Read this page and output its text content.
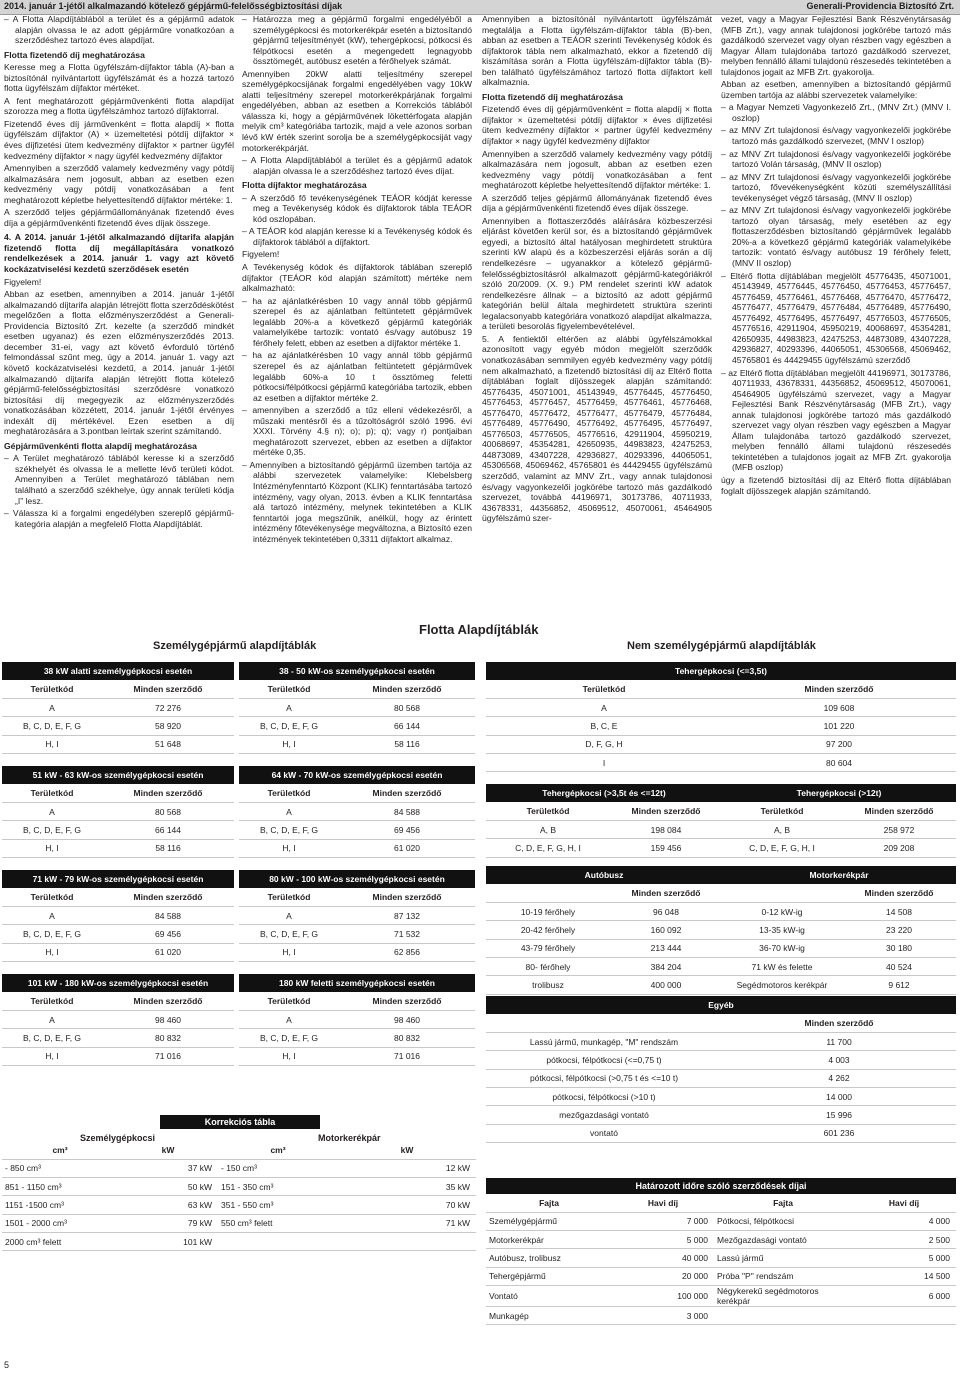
2014. január 1-jétől alkalmazandó kötelező gépjármű-felelősségbiztosítási díjak	Generali-Providencia Biztosító Zrt.

– A Flotta Alapdíjtáblából a terület és a gépjármű adatok alapján olvassa le az adott gépjárműre vonatkozóan a szerződéshez tartozó éves alapdíjat.

Flotta fizetendő díj meghatározása

Keresse meg a Flotta ügyfélszám-díjfaktor tábla (A)-ban a biztosítónál nyilvántartott ügyfélszámát és a hozzá tartozó flotta ügyfélszám díjfaktor mértéket.

A fent meghatározott gépjárművenkénti flotta alapdíjat szorozza meg a flotta ügyfélszámhoz tartozó díjfaktorral.

Fizetendő éves díj járművenként = flotta alapdíj × flotta ügyfélszám díjfaktor (A) × üzemeltetési pótdíj díjfaktor × éves díjfizetési ütem kedvezmény díjfaktor × partner ügyfél kedvezmény díjfaktor × nagy ügyfél kedvezmény díjfaktor

Amennyiben a szerződő valamely kedvezmény vagy pótdíj alkalmazására nem jogosult, abban az esetben ezen kedvezmény vagy pótdíj vonatkozásában a fent meghatározott képletbe helyettesítendő díjfaktor mértéke: 1.

A szerződő teljes gépjárműállományának fizetendő éves díja a gépjárművenkénti fizetendő éves díjak összege.

4. A 2014. január 1-jétől alkalmazandó díjtarifa alapján fizetendő flotta díj megállapítására vonatkozó rendelkezések a 2014. január 1. vagy azt követő kockázatviselési kezdetű szerződések esetén

Figyelem!

Abban az esetben, amennyiben a 2014. január 1-jétől alkalmazandó díjtarifa alapján létrejött flotta szerződéskötést megelőzően a flotta előzményszerződést a Generali-Providencia Biztosító Zrt. kezelte (a szerződő mindkét esetben ugyanaz) és ezen előzményszerződés 2013. december 31-ei, vagy azt követő évforduló történő felmondással szűnt meg, úgy a 2014. január 1. vagy azt követő kockázatviselési kezdetű, a 2014. január 1-jétől alkalmazandó díjtarifa alapján létrejött flotta kötelező gépjármű-felelősségbiztosítási szerződésre vonatkozó biztosítási díj megegyezik az előzményszerződés vonatkozásában közzétett, 2014. január 1-jétől érvényes indexált díj mértékével. Ezen esetben a díj meghatározására a 3.pontban leírtak szerint számítandó.

Gépjárművenkénti flotta alapdíj meghatározása

– A Terület meghatározó táblából keresse ki a szerződő székhelyét és olvassa le a mellette lévő területi kódot. Amennyiben a Terület meghatározó táblában nem található a szerződő székhelye, úgy annak területi kódja „I” lesz.

– Válassza ki a forgalmi engedélyben szereplő gépjármű-kategória alapján a megfelelő Flotta Alapdíjtáblát.

– Határozza meg a gépjármű forgalmi engedélyéből a személygépkocsi és motorkerékpár esetén a biztosítandó gépjármű teljesítményét (kW), tehergépkocsi, pótkocsi és félpótkocsi esetén a megengedett legnagyobb össztömegét, autóbusz esetén a férőhelyek számát.

Amennyiben 20kW alatti teljesítmény szerepel személygépkocsijának forgalmi engedélyében vagy 10kW alatti teljesítmény szerepel motorkerékpárjának forgalmi engedélyében, abban az esetben a Korrekciós táblából válassza ki, hogy a gépjárművének lökettérfogata alapján melyik cm³ kategóriába tartozik, majd a vele azonos sorban lévő kW érték szerint sorolja be a személygépkocsiját vagy motorkerékpárját.

– A Flotta Alapdíjtáblából a terület és a gépjármű adatok alapján olvassa le a szerződéshez tartozó éves díjat.

Flotta díjfaktor meghatározása

– A szerződő fő tevékenységének TEÁOR kódját keresse meg a Tevékenység kódok és díjfaktorok tábla TEÁOR kód oszlopában.

– A TEÁOR kód alapján keresse ki a Tevékenység kódok és díjfaktorok táblából a díjfaktort.

Figyelem!

A Tevékenység kódok és díjfaktorok táblában szereplő díjfaktor (TEÁOR kód alapján számított) mértéke nem alkalmazható:

– ha az ajánlatkérésben 10 vagy annál több gépjármű szerepel és az ajánlatban feltüntetett gépjárművek legalább 20%-a a következő gépjármű kategóriák valamelyikébe tartozik: vontató és/vagy autóbusz 19 férőhely felett, ebben az esetben a díjfaktor mértéke 1.

– ha az ajánlatkérésben 10 vagy annál több gépjármű szerepel és az ajánlatban feltüntetett gépjárművek legalább 60%-a 10 t össztömeg feletti pótkocsi/félpótkocsi gépjármű kategóriába tartozik, ebben az esetben a díjfaktor mértéke 2.

– amennyiben a szerződő a tűz elleni védekezésről, a műszaki mentésről és a tűzoltóságról szóló 1996. évi XXXI. Törvény 4.§ n); o); p); q); vagy r) pontjaiban meghatározott szervezet, ebben az esetben a díjfaktor mértéke 0,35.

– Amennyiben a biztosítandó gépjármű üzemben tartója az alábbi szervezetek valamelyike: Klebelsberg Intézményfenntartó Központ (KLIK) fenntartásába tartozó intézmény, vagy olyan, 2013. évben a KLIK fenntartása alá tartozó intézmény, melynek tekintetében a KLIK fenntartói joga megszűnik, anélkül, hogy az érintett intézmény főtevékenysége megváltozna, a Biztosító ezen intézmények tekintetében 0,3311 díjfaktort alkalmaz.

Amennyiben a biztosítónál nyilvántartott ügyfélszámát megtalálja a Flotta ügyfélszám-díjfaktor tábla (B)-ben, abban az esetben a TEÁOR szerinti Tevékenység kódok és díjfaktorok tábla nem alkalmazható, ekkor a fizetendő díj kiszámítása során a Flotta ügyfélszám-díjfaktor tábla (B)-ben található ügyfélszámához tartozó flotta díjfaktort kell alkalmaznia.

Flotta fizetendő díj meghatározása

Fizetendő éves díj gépjárművenként = flotta alapdíj × flotta díjfaktor × üzemeltetési pótdíj díjfaktor × éves díjfizetési ütem kedvezmény díjfaktor × partner ügyfél kedvezmény díjfaktor × nagy ügyfél kedvezmény díjfaktor

Amennyiben a szerződő valamely kedvezmény vagy pótdíj alkalmazására nem jogosult, abban az esetben ezen kedvezmény vagy pótdíj vonatkozásában a fent meghatározott képletbe helyettesítendő díjfaktor mértéke: 1.

A szerződő teljes gépjármű állományának fizetendő éves díja a gépjárművenkénti fizetendő éves díjak összege.

Amennyiben a flottaszerződés aláírására közbeszerzési eljárást követően kerül sor, és a biztosítandó gépjárművek egyedi, a biztosító által hatályosan meghirdetett struktúra szerinti kW alapú és a közbeszerzési eljárás során a díj rendelkezésre – ugyanakkor a kötelező gépjármű-felelősségbiztosításról alkalmazott gépjármű-kategóriákról szóló 20/2009. (X. 9.) PM rendelet szerinti kW adatok rendelkezésre állnak – a biztosító az adott gépjármű kategórián belül általa meghirdetett struktúra szerinti legalacsonyabb kategóriára vonatkozó alapdíjat alkalmazza, a területi besorolás figyelembevételével.

5. A fentiektől eltérően az alábbi ügyfélszámokkal azonosított vagy egyéb módon megjelölt szerződők vonatkozásában semmilyen egyéb kedvezmény vagy pótdíj nem alkalmazható, a fizetendő biztosítási díj az Eltérő flotta díjtáblában foglalt díjösszegek alapján számítandó: 45776435, 45071001, 45143949, 45776445, 45776450, 45776453, 45776457, 45776459, 45776461, 45776468, 45776470, 45776472, 45776477, 45776479, 45776484, 45776489, 45776490, 45776492, 45776495, 45776497, 45776503, 45776505, 45776516, 42911904, 45950219, 40068697, 45354281, 42650935, 44983823, 42475253, 44873089, 43407228, 42936827, 40293396, 44065051, 45306568, 45069462, 45765801 és 44429455 ügyfélszámú szerződő, valamint az MNV Zrt., vagy annak tulajdonosi és/vagy vagyonkezelői jogkörébe tartozó más gazdálkodó szervezet, továbbá 44196971, 30173786, 40711933, 43678331, 44356852, 45069512, 45070061, 45464905 ügyfélszámú szer-

vezet, vagy a Magyar Fejlesztési Bank Részvénytársaság (MFB Zrt.), vagy annak tulajdonosi jogkörébe tartozó más gazdálkodó szervezet vagy olyan részben vagy egészben a Magyar Állam tulajdonába tartozó gazdálkodó szervezet, melyben fennálló állami tulajdonú részesedés tekintetében a tulajdonos jogait az MFB Zrt. gyakorolja.

Abban az esetben, amennyiben a biztosítandó gépjármű üzemben tartója az alábbi szervezetek valamelyike:

– a Magyar Nemzeti Vagyonkezelő Zrt., (MNV Zrt.) (MNV I. oszlop)

– az MNV Zrt tulajdonosi és/vagy vagyonkezelői jogkörébe tartozó más gazdálkodó szervezet, (MNV I oszlop)

– az MNV Zrt tulajdonosi és/vagy vagyonkezelői jogkörébe tartozó Volán társaság, (MNV II oszlop)

– az MNV Zrt tulajdonosi és/vagy vagyonkezelői jogkörébe tartozó, fővevékenységként közúti személyszállítási tevékenységet végző társaság, (MNV II oszlop)

– az MNV Zrt tulajdonosi és/vagy vagyonkezelői jogkörébe tartozó olyan társaság, mely esetében az egy flottaszerződésben biztosítandó gépjárművek legalább 20%-a a következő gépjármű kategóriák valamelyikébe tartozik: vontató és/vagy autóbusz 19 férőhely felett, (MNV II oszlop)

– Eltérő flotta díjtáblában megjelölt 45776435, 45071001, 45143949, 45776445, 45776450, 45776453, 45776457, 45776459, 45776461, 45776468, 45776470, 45776472, 45776477, 45776479, 45776484, 45776489, 45776490, 45776492, 45776495, 45776497, 45776503, 45776505, 45776516, 42911904, 45950219, 40068697, 45354281, 42650935, 44983823, 42475253, 44873089, 43407228, 42936827, 40293396, 44065051, 45306568, 45069462, 45765801 és 44429455 ügyfélszámú szerződő

– az Eltérő flotta díjtáblában megjelölt 44196971, 30173786, 40711933, 43678331, 44356852, 45069512, 45070061, 45464905 ügyfélszámú szervezet, vagy a Magyar Fejlesztési Bank Részvénytársaság (MFB Zrt.), vagy annak tulajdonosi jogkörébe tartozó más gazdálkodó szervezet vagy olyan részben vagy egészben a Magyar Állam tulajdonába tartozó gazdálkodó szervezet, melyben fennálló állami tulajdonú részesedés tekintetében a tulajdonos jogait az MFB Zrt. gyakorolja (MFB oszlop)

úgy a fizetendő biztosítási díj az Eltérő flotta díjtáblában foglalt díjösszegek alapján számítandó.

Flotta Alapdíjtáblák
Személygépjármű alapdíjtáblák	Nem személygépjármű alapdíjtáblák
38 kW alatti személygépkocsi esetén	
Területkód	Minden szerződő
A	72 276
B, C, D, E, F, G	58 920
H, I	51 648
38 - 50 kW-os személygépkocsi esetén	
Területkód	Minden szerződő
A	80 568
B, C, D, E, F, G	66 144
H, I	58 116
51 kW - 63 kW-os személygépkocsi esetén	
Területkód	Minden szerződő
A	80 568
B, C, D, E, F, G	66 144
H, I	58 116
64 kW - 70 kW-os személygépkocsi esetén	
Területkód	Minden szerződő
A	84 588
B, C, D, E, F, G	69 456
H, I	61 020
71 kW - 79 kW-os személygépkocsi esetén	
Területkód	Minden szerződő
A	84 588
B, C, D, E, F, G	69 456
H, I	61 020
80 kW - 100 kW-os személygépkocsi esetén	
Területkód	Minden szerződő
A	87 132
B, C, D, E, F, G	71 532
H, I	62 856
101 kW - 180 kW-os személygépkocsi esetén	
Területkód	Minden szerződő
A	98 460
B, C, D, E, F, G	80 832
H, I	71 016
180 kW feletti személygépkocsi esetén	
Területkód	Minden szerződő
A	98 460
B, C, D, E, F, G	80 832
H, I	71 016
Tehergépkocsi (<=3,5t)	
Területkód	Minden szerződő
A	109 608
B, C, E	101 220
D, F, G, H	97 200
I	80 604
Tehergépkocsi (>3,5t és <=12t)	
Területkód	Minden szerződő
A, B	198 084
C, D, E, F, G, H, I	159 456
Tehergépkocsi (>12t)	
Területkód	Minden szerződő
A, B	258 972
C, D, E, F, G, H, I	209 208
Autóbusz	
	Minden szerződő
10-19 férőhely	96 048
20-42 férőhely	160 092
43-79 férőhely	213 444
80- férőhely	384 204
trolibusz	400 000
Motorkerékpár	
	Minden szerződő
0-12 kW-ig	14 508
13-35 kW-ig	23 220
36-70 kW-ig	30 180
71 kW és felette	40 524
Segédmotoros kerékpár	9 612
Egyéb	
	Minden szerződő
Lassú jármű, munkagép, "M" rendszám	11 700
pótkocsi, félpótkocsi (<=0,75 t)	4 003
pótkocsi, félpótkocsi (>0,75 t és <=10 t)	4 262
pótkocsi, félpótkocsi (>10 t)	14 000
mezőgazdasági vontató	15 996
vontató	601 236
Korrekciós tábla
Személygépkocsi	Motorkerékpár
cm³	kW	cm³	kW
- 850 cm³	37 kW	- 150 cm³	12 kW
851 - 1150 cm³	50 kW	151 - 350 cm³	35 kW
1151 -1500 cm³	63 kW	351 - 550 cm³	70 kW
1501 - 2000 cm³	79 kW	550 cm³ felett	71 kW
2000 cm³ felett	101 kW		
Határozott időre szóló szerződések díjai
Fajta	Havi díj	Fajta	Havi díj
Személygépjármű	7 000	Pótkocsi, félpótkocsi	4 000
Motorkerékpár	5 000	Mezőgazdasági vontató	2 500
Autóbusz, trolibusz	40 000	Lassú jármű	5 000
Tehergépjármű	20 000	Próba "P" rendszám	14 500
Vontató	100 000	Négykerekű segédmotoros kerékpár	6 000
Munkagép	3 000		
5
